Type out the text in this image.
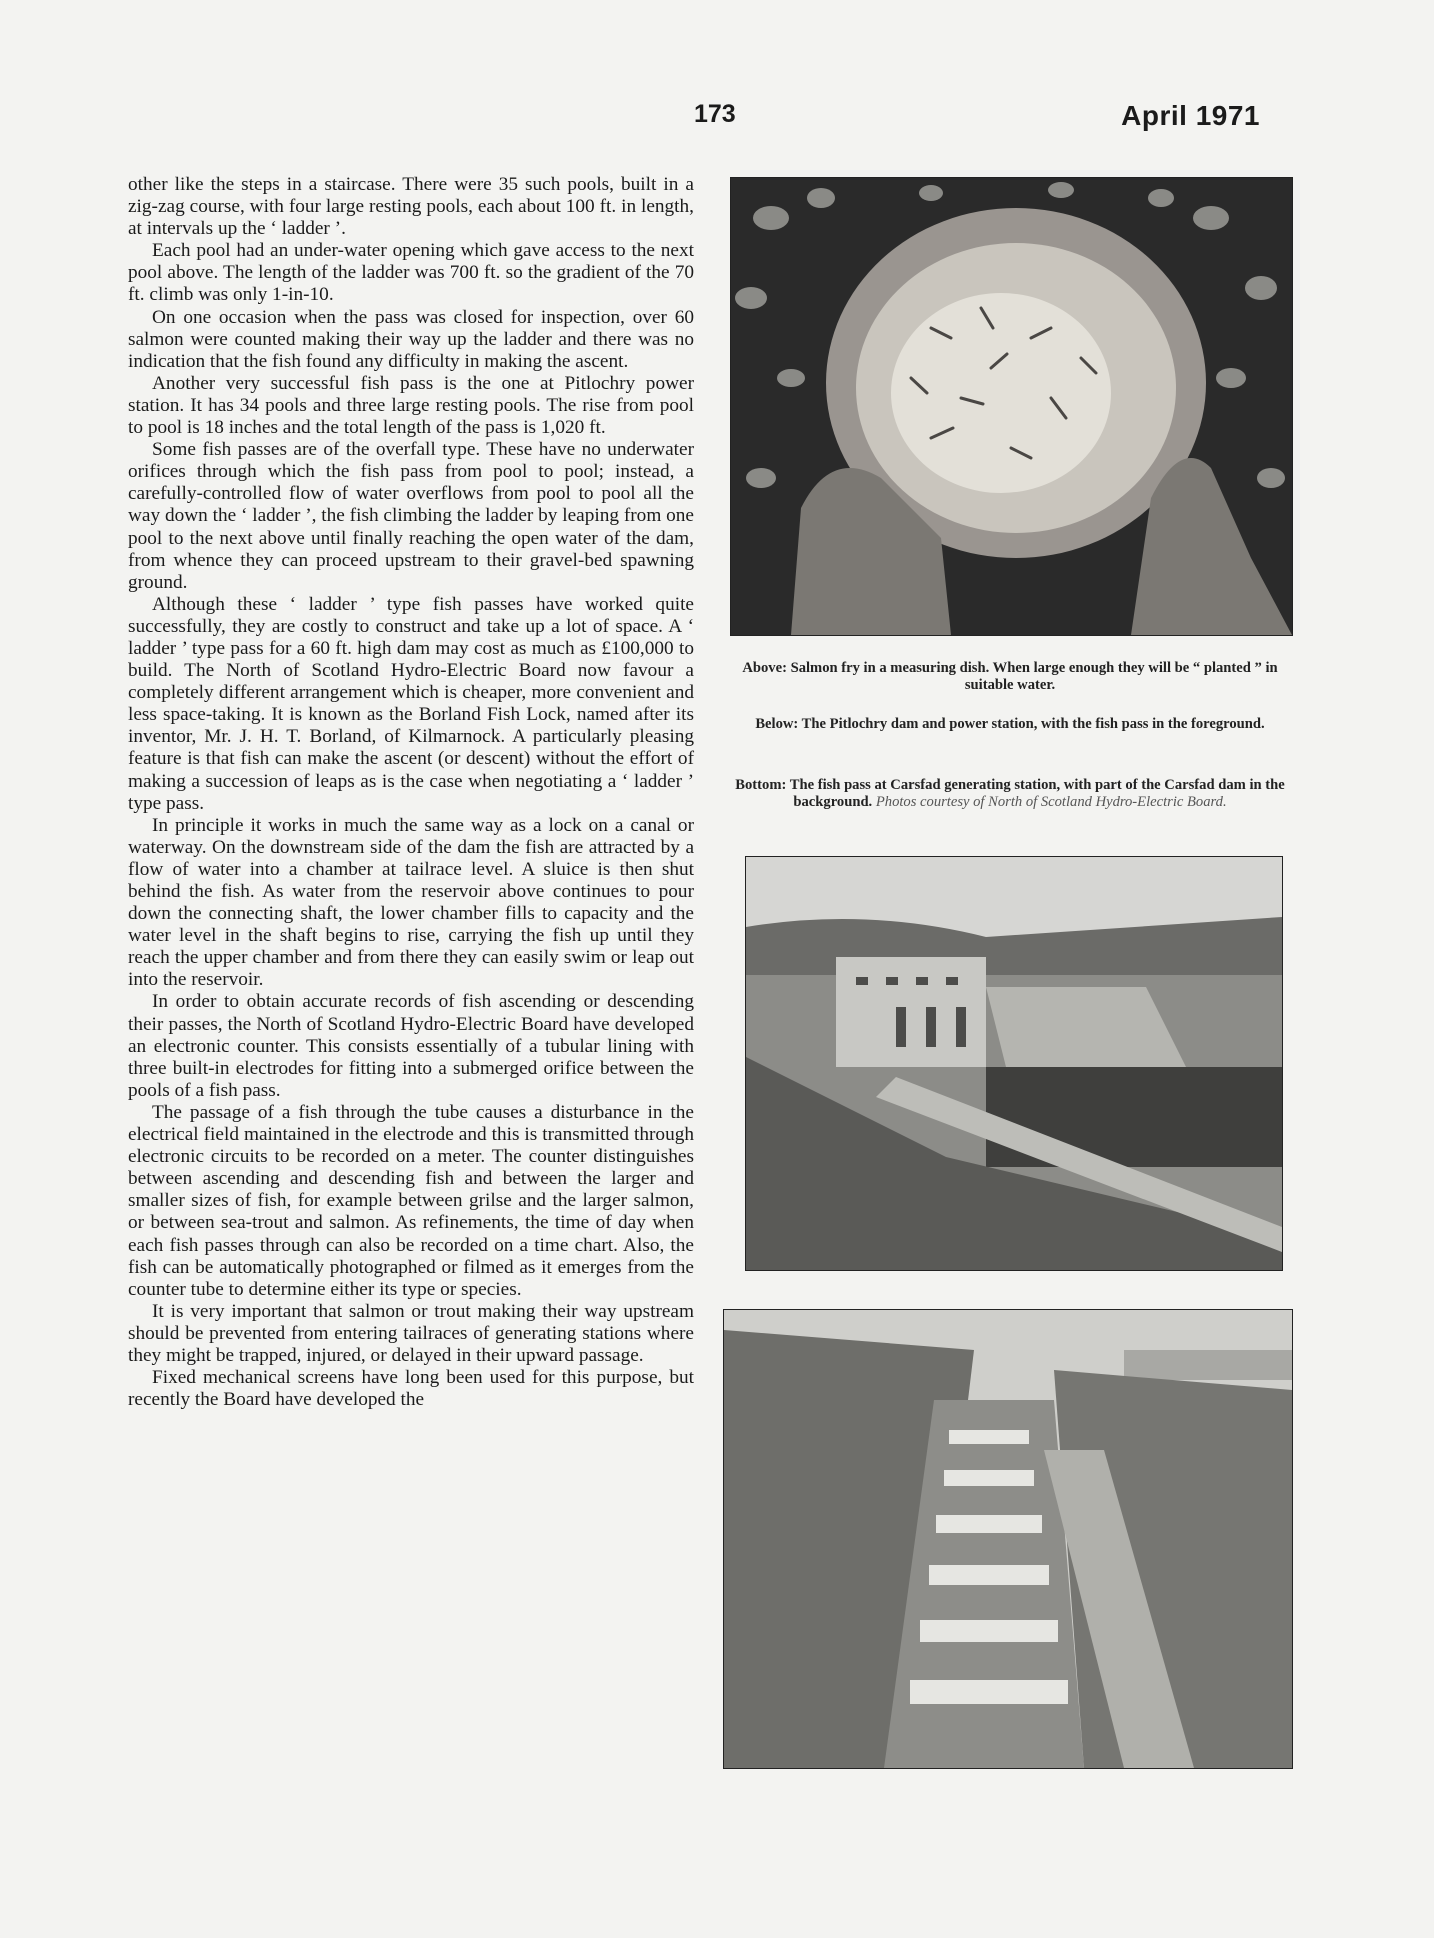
173	April 1971

other like the steps in a staircase. There were 35 such pools, built in a zig-zag course, with four large resting pools, each about 100 ft. in length, at intervals up the ‘ ladder ’.

Each pool had an under-water opening which gave access to the next pool above. The length of the ladder was 700 ft. so the gradient of the 70 ft. climb was only 1-in-10.

On one occasion when the pass was closed for inspection, over 60 salmon were counted making their way up the ladder and there was no indication that the fish found any difficulty in making the ascent.

Another very successful fish pass is the one at Pitlochry power station. It has 34 pools and three large resting pools. The rise from pool to pool is 18 inches and the total length of the pass is 1,020 ft.

Some fish passes are of the overfall type. These have no underwater orifices through which the fish pass from pool to pool; instead, a carefully-controlled flow of water overflows from pool to pool all the way down the ‘ ladder ’, the fish climbing the ladder by leaping from one pool to the next above until finally reaching the open water of the dam, from whence they can proceed upstream to their gravel-bed spawning ground.

Although these ‘ ladder ’ type fish passes have worked quite successfully, they are costly to construct and take up a lot of space. A ‘ ladder ’ type pass for a 60 ft. high dam may cost as much as £100,000 to build. The North of Scotland Hydro-Electric Board now favour a completely different arrangement which is cheaper, more convenient and less space-taking. It is known as the Borland Fish Lock, named after its inventor, Mr. J. H. T. Borland, of Kilmarnock. A particularly pleasing feature is that fish can make the ascent (or descent) without the effort of making a succession of leaps as is the case when negotiating a ‘ ladder ’ type pass.

In principle it works in much the same way as a lock on a canal or waterway. On the downstream side of the dam the fish are attracted by a flow of water into a chamber at tailrace level. A sluice is then shut behind the fish. As water from the reservoir above continues to pour down the connecting shaft, the lower chamber fills to capacity and the water level in the shaft begins to rise, carrying the fish up until they reach the upper chamber and from there they can easily swim or leap out into the reservoir.

In order to obtain accurate records of fish ascending or descending their passes, the North of Scotland Hydro-Electric Board have developed an electronic counter. This consists essentially of a tubular lining with three built-in electrodes for fitting into a submerged orifice between the pools of a fish pass.

The passage of a fish through the tube causes a disturbance in the electrical field maintained in the electrode and this is transmitted through electronic circuits to be recorded on a meter. The counter distinguishes between ascending and descending fish and between the larger and smaller sizes of fish, for example between grilse and the larger salmon, or between sea-trout and salmon. As refinements, the time of day when each fish passes through can also be recorded on a time chart. Also, the fish can be automatically photographed or filmed as it emerges from the counter tube to determine either its type or species.

It is very important that salmon or trout making their way upstream should be prevented from entering tailraces of generating stations where they might be trapped, injured, or delayed in their upward passage.

Fixed mechanical screens have long been used for this purpose, but recently the Board have developed the

Above: Salmon fry in a measuring dish. When large enough they will be “ planted ” in suitable water.
Below: The Pitlochry dam and power station, with the fish pass in the foreground.
Bottom: The fish pass at Carsfad generating station, with part of the Carsfad dam in the background. Photos courtesy of North of Scotland Hydro-Electric Board.
